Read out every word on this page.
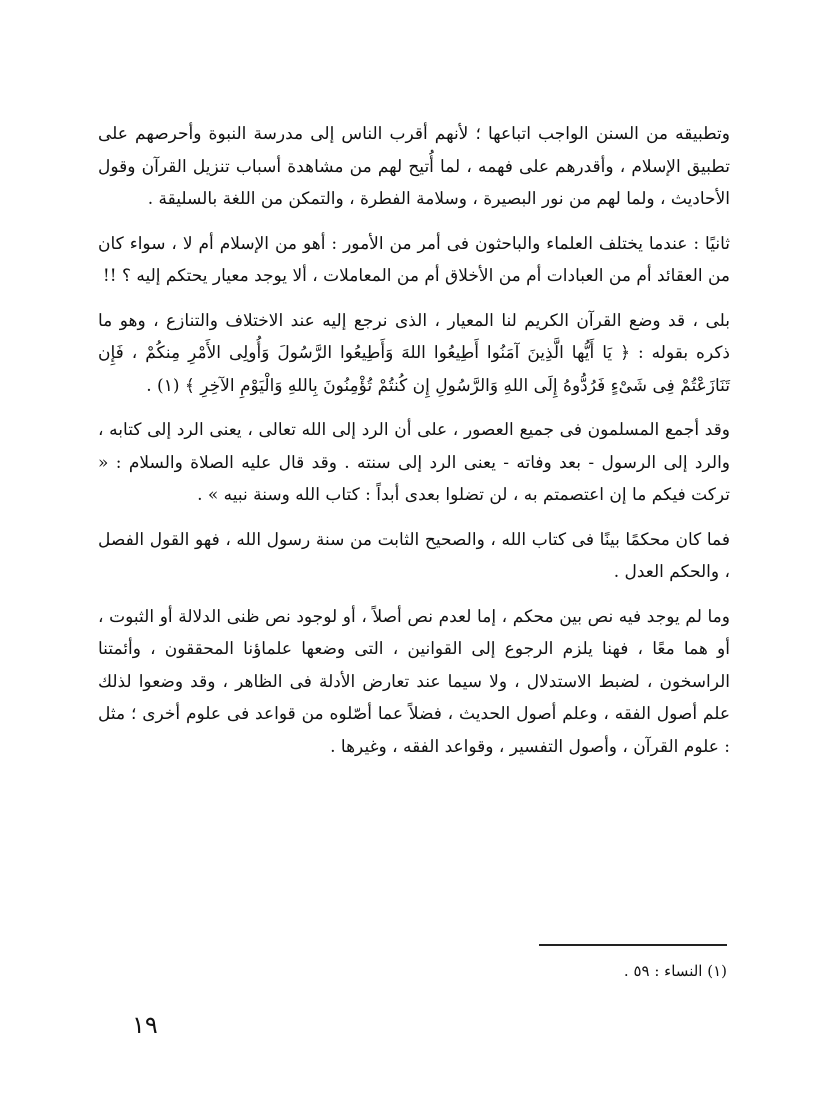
وتطبيقه من السنن الواجب اتباعها ؛ لأنهم أقرب الناس إلى مدرسة النبوة وأحرصهم على تطبيق الإسلام ، وأقدرهم على فهمه ، لما أُتيح لهم من مشاهدة أسباب تنزيل القرآن وقول الأحاديث ، ولما لهم من نور البصيرة ، وسلامة الفطرة ، والتمكن من اللغة بالسليقة .

ثانيًا : عندما يختلف العلماء والباحثون فى أمر من الأمور : أهو من الإسلام أم لا ، سواء كان من العقائد أم من العبادات أم من الأخلاق أم من المعاملات ، ألا يوجد معيار يحتكم إليه ؟ !!

بلى ، قد وضع القرآن الكريم لنا المعيار ، الذى نرجع إليه عند الاختلاف والتنازع ، وهو ما ذكره بقوله : ﴿ يَا أَيُّها الَّذِينَ آمَنُوا أَطِيعُوا اللهَ وَأَطِيعُوا الرَّسُولَ وَأُولِى الأَمْرِ مِنكُمْ ، فَإِن تَنَازَعْتُمْ فِى شَىْءٍ فَرُدُّوهُ إِلَى اللهِ وَالرَّسُولِ إِن كُنتُمْ تُؤْمِنُونَ بِاللهِ وَالْيَوْمِ الآخِرِ ﴾ (١) .

وقد أجمع المسلمون فى جميع العصور ، على أن الرد إلى الله تعالى ، يعنى الرد إلى كتابه ، والرد إلى الرسول - بعد وفاته - يعنى الرد إلى سنته . وقد قال عليه الصلاة والسلام : « تركت فيكم ما إن اعتصمتم به ، لن تضلوا بعدى أبداً : كتاب الله وسنة نبيه » .

فما كان محكمًا بينًا فى كتاب الله ، والصحيح الثابت من سنة رسول الله ، فهو القول الفصل ، والحكم العدل .

وما لم يوجد فيه نص بين محكم ، إما لعدم نص أصلاً ، أو لوجود نص ظنى الدلالة أو الثبوت ، أو هما معًا ، فهنا يلزم الرجوع إلى القوانين ، التى وضعها علماؤنا المحققون ، وأئمتنا الراسخون ، لضبط الاستدلال ، ولا سيما عند تعارض الأدلة فى الظاهر ، وقد وضعوا لذلك علم أصول الفقه ، وعلم أصول الحديث ، فضلاً عما أصّلوه من قواعد فى علوم أخرى ؛ مثل : علوم القرآن ، وأصول التفسير ، وقواعد الفقه ، وغيرها .

(١) النساء : ٥٩ .
١٩
